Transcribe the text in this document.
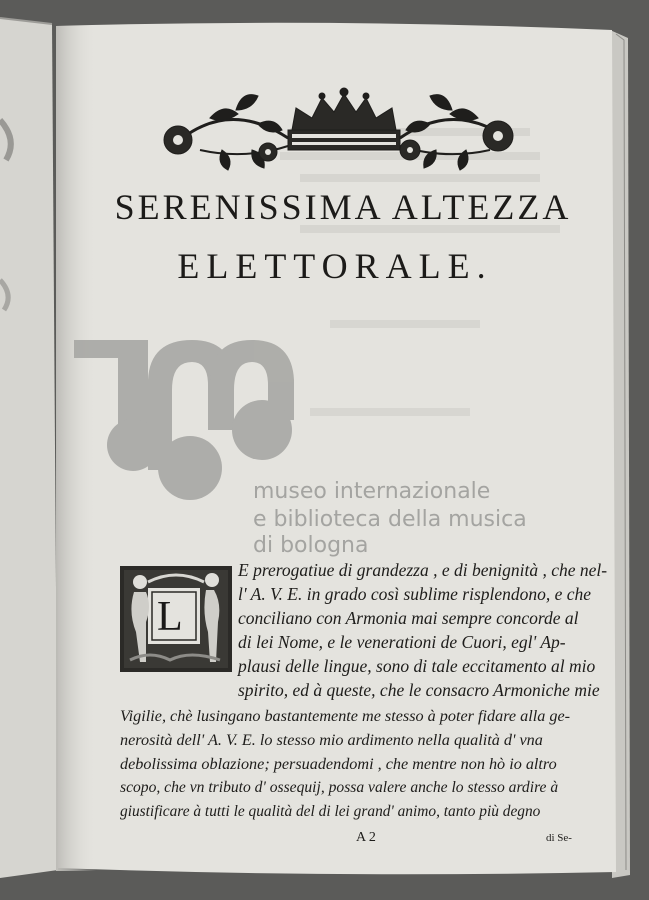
SERENISSIMA ALTEZZA
ELETTORALE.
museo internazionale
e biblioteca della musica
di bologna
L
E prerogatiue di grandezza , e di benignità , che nel-
l' A. V. E. in grado così sublime risplendono, e che
conciliano con Armonia mai sempre concorde al
di lei Nome, e le venerationi de Cuori, egl' Ap-
plausi delle lingue, sono di tale eccitamento al mio
spirito, ed à queste, che le consacro Armoniche mie
Vigilie, chè lusingano bastantemente me stesso à poter fidare alla ge-
nerosità dell' A. V. E. lo stesso mio ardimento nella qualità d' vna
debolissima oblazione; persuadendomi , che mentre non hò io altro
scopo, che vn tributo d' ossequij, possa valere anche lo stesso ardire à
giustificare à tutti le qualità del di lei grand' animo, tanto più degno
A 2	di Se-
